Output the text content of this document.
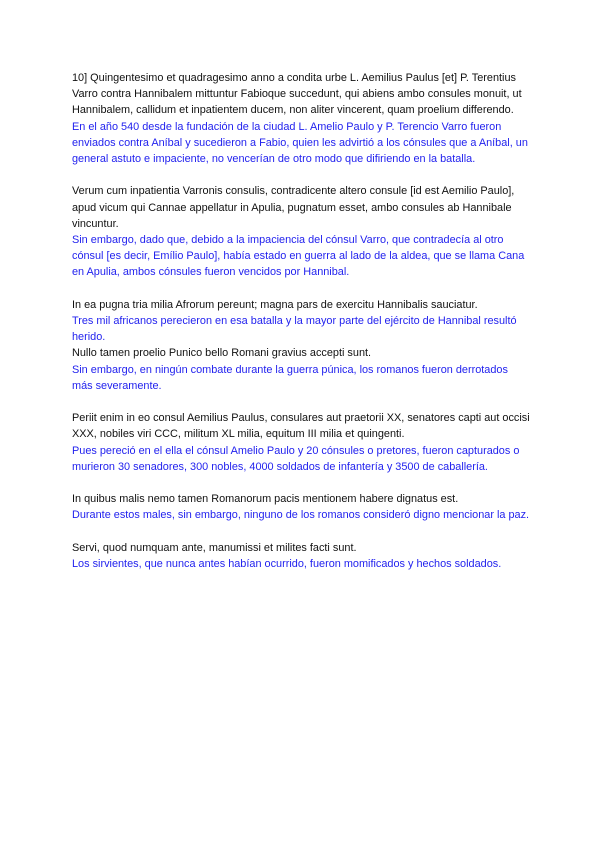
10] Quingentesimo et quadragesimo anno a condita urbe L. Aemilius Paulus [et] P. Terentius Varro contra Hannibalem mittuntur Fabioque succedunt, qui abiens ambo consules monuit, ut Hannibalem, callidum et inpatientem ducem, non aliter vincerent, quam proelium differendo.
En el año 540 desde la fundación de la ciudad L. Amelio Paulo y P. Terencio Varro fueron enviados contra Aníbal y sucedieron a Fabio, quien les advirtió a los cónsules que a Aníbal, un general astuto e impaciente, no vencerían de otro modo que difiriendo en la batalla.
Verum cum inpatientia Varronis consulis, contradicente altero consule [id est Aemilio Paulo], apud vicum qui Cannae appellatur in Apulia, pugnatum esset, ambo consules ab Hannibale vincuntur.
Sin embargo, dado que, debido a la impaciencia del cónsul Varro, que contradecía al otro cónsul [es decir, Emílio Paulo], había estado en guerra al lado de la aldea, que se llama Cana en Apulia, ambos cónsules fueron vencidos por Hannibal.
In ea pugna tria milia Afrorum pereunt; magna pars de exercitu Hannibalis sauciatur.
Tres mil africanos perecieron en esa batalla y la mayor parte del ejército de Hannibal resultó herido.
Nullo tamen proelio Punico bello Romani gravius accepti sunt.
Sin embargo, en ningún combate durante la guerra púnica, los romanos fueron derrotados más severamente.
Periit enim in eo consul Aemilius Paulus, consulares aut praetorii XX, senatores capti aut occisi XXX, nobiles viri CCC, militum XL milia, equitum III milia et quingenti.
Pues pereció en el ella el cónsul Amelio Paulo y 20 cónsules o pretores, fueron capturados o murieron 30 senadores, 300 nobles, 4000 soldados de infantería y 3500 de caballería.
In quibus malis nemo tamen Romanorum pacis mentionem habere dignatus est.
Durante estos males, sin embargo, ninguno de los romanos consideró digno mencionar la paz.
Servi, quod numquam ante, manumissi et milites facti sunt.
Los sirvientes, que nunca antes habían ocurrido, fueron momificados y hechos soldados.
